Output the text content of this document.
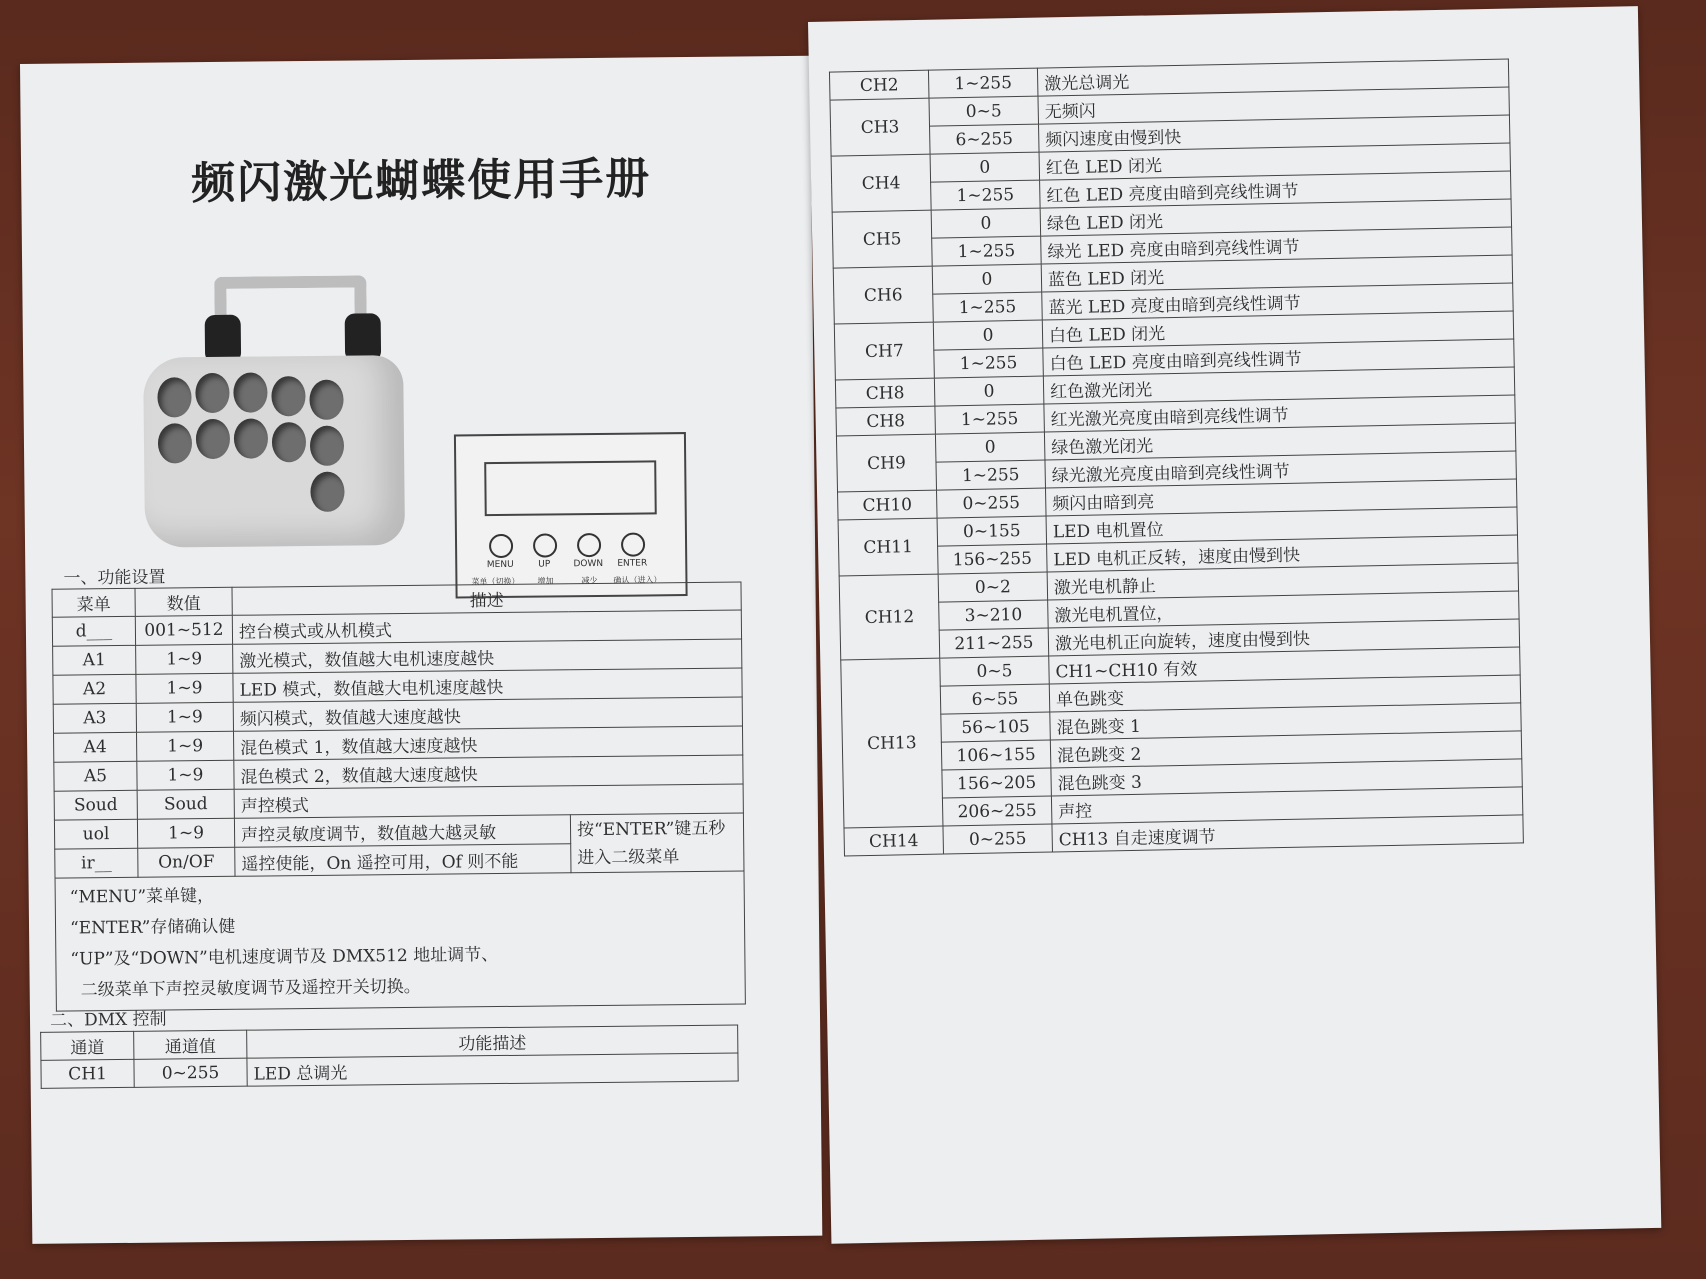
频闪激光蝴蝶使用手册
MENU	UP	DOWN	ENTER
菜单（切换）	增加	减少	确认（进入）
一、功能设置
菜单	数值	描述	
d___	001~512	控台模式或从机模式	
A1	1~9	激光模式，数值越大电机速度越快	
A2	1~9	LED 模式，数值越大电机速度越快	
A3	1~9	频闪模式，数值越大速度越快	
A4	1~9	混色模式 1，数值越大速度越快	
A5	1~9	混色模式 2，数值越大速度越快	
Soud	Soud	声控模式	
uol	1~9	声控灵敏度调节，数值越大越灵敏	按“ENTER”键五秒
进入二级菜单

ir__	On/OF	遥控使能，On 遥控可用，Of 则不能	

“MENU”菜单键，
“ENTER”存储确认健
“UP”及“DOWN”电机速度调节及 DMX512 地址调节、
二级菜单下声控灵敏度调节及遥控开关切换。			
二、DMX 控制
通道	通道值	功能描述
CH1	0~255	LED 总调光
CH2	1~255	激光总调光
CH3	0~5	无频闪
	6~255	频闪速度由慢到快
CH4	0	红色 LED 闭光
	1~255	红色 LED 亮度由暗到亮线性调节
CH5	0	绿色 LED 闭光
	1~255	绿光 LED 亮度由暗到亮线性调节
CH6	0	蓝色 LED 闭光
	1~255	蓝光 LED 亮度由暗到亮线性调节
CH7	0	白色 LED 闭光
	1~255	白色 LED 亮度由暗到亮线性调节
CH8	0	红色激光闭光
CH8	1~255	红光激光亮度由暗到亮线性调节
CH9	0	绿色激光闭光
	1~255	绿光激光亮度由暗到亮线性调节
CH10	0~255	频闪由暗到亮
CH11	0~155	LED 电机置位
	156~255	LED 电机正反转，速度由慢到快
CH12	0~2	激光电机静止
	3~210	激光电机置位，
	211~255	激光电机正向旋转，速度由慢到快
CH13	0~5	CH1~CH10 有效
	6~55	单色跳变
	56~105	混色跳变 1
	106~155	混色跳变 2
	156~205	混色跳变 3
	206~255	声控
CH14	0~255	CH13 自走速度调节
